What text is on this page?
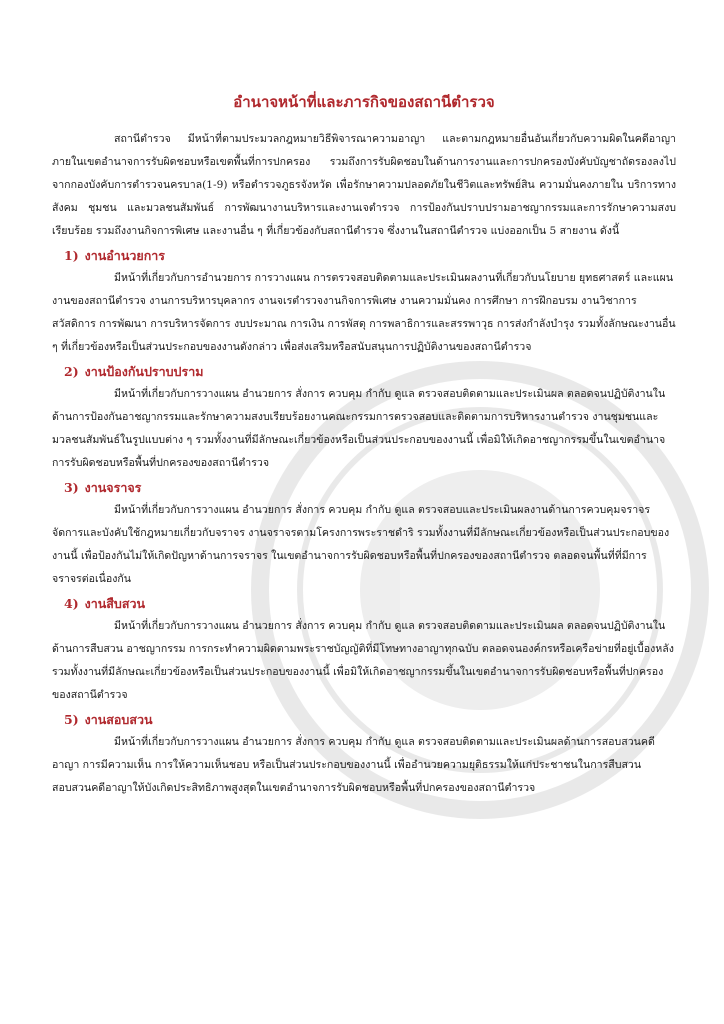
อำนาจหน้าที่และภารกิจของสถานีตำรวจ

สถานีตำรวจ มีหน้าที่ตามประมวลกฎหมายวิธีพิจารณาความอาญา และตามกฎหมายอื่นอันเกี่ยวกับความผิดในคดีอาญาภายในเขตอำนาจการรับผิดชอบหรือเขตพื้นที่การปกครอง รวมถึงการรับผิดชอบในด้านการงานและการปกครองบังคับบัญชาถัดรองลงไปจากกองบังคับการตำรวจนครบาล(1-9) หรือตำรวจภูธรจังหวัด เพื่อรักษาความปลอดภัยในชีวิตและทรัพย์สิน ความมั่นคงภายใน บริการทางสังคม ชุมชน และมวลชนสัมพันธ์ การพัฒนางานบริหารและงานเจตำรวจ การป้องกันปราบปรามอาชญากรรมและการรักษาความสงบเรียบร้อย รวมถึงงานกิจการพิเศษ และงานอื่น ๆ ที่เกี่ยวข้องกับสถานีตำรวจ ซึ่งงานในสถานีตำรวจ แบ่งออกเป็น 5 สายงาน ดังนี้

1) งานอำนวยการ

มีหน้าที่เกี่ยวกับการอำนวยการ การวางแผน การตรวจสอบติดตามและประเมินผลงานที่เกี่ยวกับนโยบาย ยุทธศาสตร์ และแผนงานของสถานีตำรวจ งานการบริหารบุคลากร งานจเรตำรวจงานกิจการพิเศษ งานความมั่นคง การศึกษา การฝึกอบรม งานวิชาการ สวัสดิการ การพัฒนา การบริหารจัดการ งบประมาณ การเงิน การพัสดุ การพลาธิการและสรรพาวุธ การส่งกำลังบำรุง รวมทั้งลักษณะงานอื่น ๆ ที่เกี่ยวข้องหรือเป็นส่วนประกอบของงานดังกล่าว เพื่อส่งเสริมหรือสนับสนุนการปฏิบัติงานของสถานีตำรวจ

2) งานป้องกันปราบปราม

มีหน้าที่เกี่ยวกับการวางแผน อำนวยการ สั่งการ ควบคุม กำกับ ดูแล ตรวจสอบติดตามและประเมินผล ตลอดจนปฏิบัติงานในด้านการป้องกันอาชญากรรมและรักษาความสงบเรียบร้อยงานคณะกรรมการตรวจสอบและติดตามการบริหารงานตำรวจ งานชุมชนและมวลชนสัมพันธ์ในรูปแบบต่าง ๆ รวมทั้งงานที่มีลักษณะเกี่ยวข้องหรือเป็นส่วนประกอบของงานนี้ เพื่อมิให้เกิดอาชญากรรมขึ้นในเขตอำนาจ การรับผิดชอบหรือพื้นที่ปกครองของสถานีตำรวจ

3) งานจราจร

มีหน้าที่เกี่ยวกับการวางแผน อำนวยการ สั่งการ ควบคุม กำกับ ดูแล ตรวจสอบและประเมินผลงานด้านการควบคุมจราจร จัดการและบังคับใช้กฎหมายเกี่ยวกับจราจร งานจราจรตามโครงการพระราชดำริ รวมทั้งงานที่มีลักษณะเกี่ยวข้องหรือเป็นส่วนประกอบของงานนี้ เพื่อป้องกันไม่ให้เกิดปัญหาด้านการจราจร ในเขตอำนาจการรับผิดชอบหรือพื้นที่ปกครองของสถานีตำรวจ ตลอดจนพื้นที่ที่มีการจราจรต่อเนื่องกัน

4) งานสืบสวน

มีหน้าที่เกี่ยวกับการวางแผน อำนวยการ สั่งการ ควบคุม กำกับ ดูแล ตรวจสอบติดตามและประเมินผล ตลอดจนปฏิบัติงานในด้านการสืบสวน อาชญากรรม การกระทำความผิดตามพระราชบัญญัติที่มีโทษทางอาญาทุกฉบับ ตลอดจนองค์กรหรือเครือข่ายที่อยู่เบื้องหลัง รวมทั้งงานที่มีลักษณะเกี่ยวข้องหรือเป็นส่วนประกอบของงานนี้ เพื่อมิให้เกิดอาชญากรรมขึ้นในเขตอำนาจการรับผิดชอบหรือพื้นที่ปกครองของสถานีตำรวจ

5) งานสอบสวน

มีหน้าที่เกี่ยวกับการวางแผน อำนวยการ สั่งการ ควบคุม กำกับ ดูแล ตรวจสอบติดตามและประเมินผลด้านการสอบสวนคดีอาญา การมีความเห็น การให้ความเห็นชอบ หรือเป็นส่วนประกอบของงานนี้ เพื่ออำนวยความยุติธรรมให้แก่ประชาชนในการสืบสวนสอบสวนคดีอาญาให้บังเกิดประสิทธิภาพสูงสุดในเขตอำนาจการรับผิดชอบหรือพื้นที่ปกครองของสถานีตำรวจ
